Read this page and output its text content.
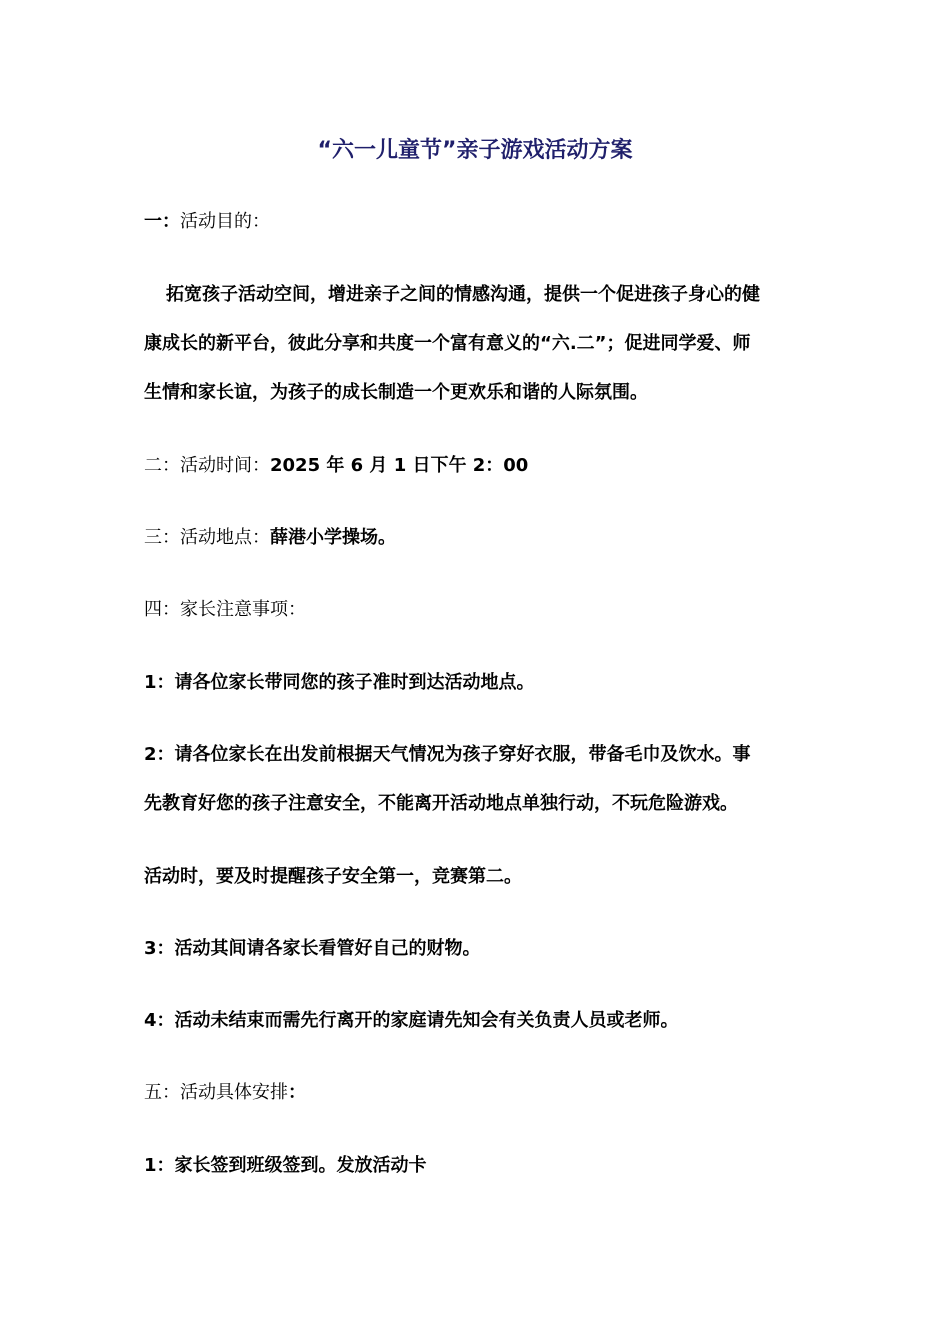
“六一儿童节”亲子游戏活动方案
一：活动目的：
拓宽孩子活动空间，增进亲子之间的情感沟通，提供一个促进孩子身心的健
康成长的新平台，彼此分享和共度一个富有意义的“六.二”；促进同学爱、师
生情和家长谊，为孩子的成长制造一个更欢乐和谐的人际氛围。
二：活动时间：2025 年 6 月 1 日下午 2：00
三：活动地点：薛港小学操场。
四：家长注意事项：
1：请各位家长带同您的孩子准时到达活动地点。
2：请各位家长在出发前根据天气情况为孩子穿好衣服，带备毛巾及饮水。事
先教育好您的孩子注意安全，不能离开活动地点单独行动，不玩危险游戏。
活动时，要及时提醒孩子安全第一，竞赛第二。
3：活动其间请各家长看管好自己的财物。
4：活动未结束而需先行离开的家庭请先知会有关负责人员或老师。
五：活动具体安排：
1：家长签到班级签到。发放活动卡
